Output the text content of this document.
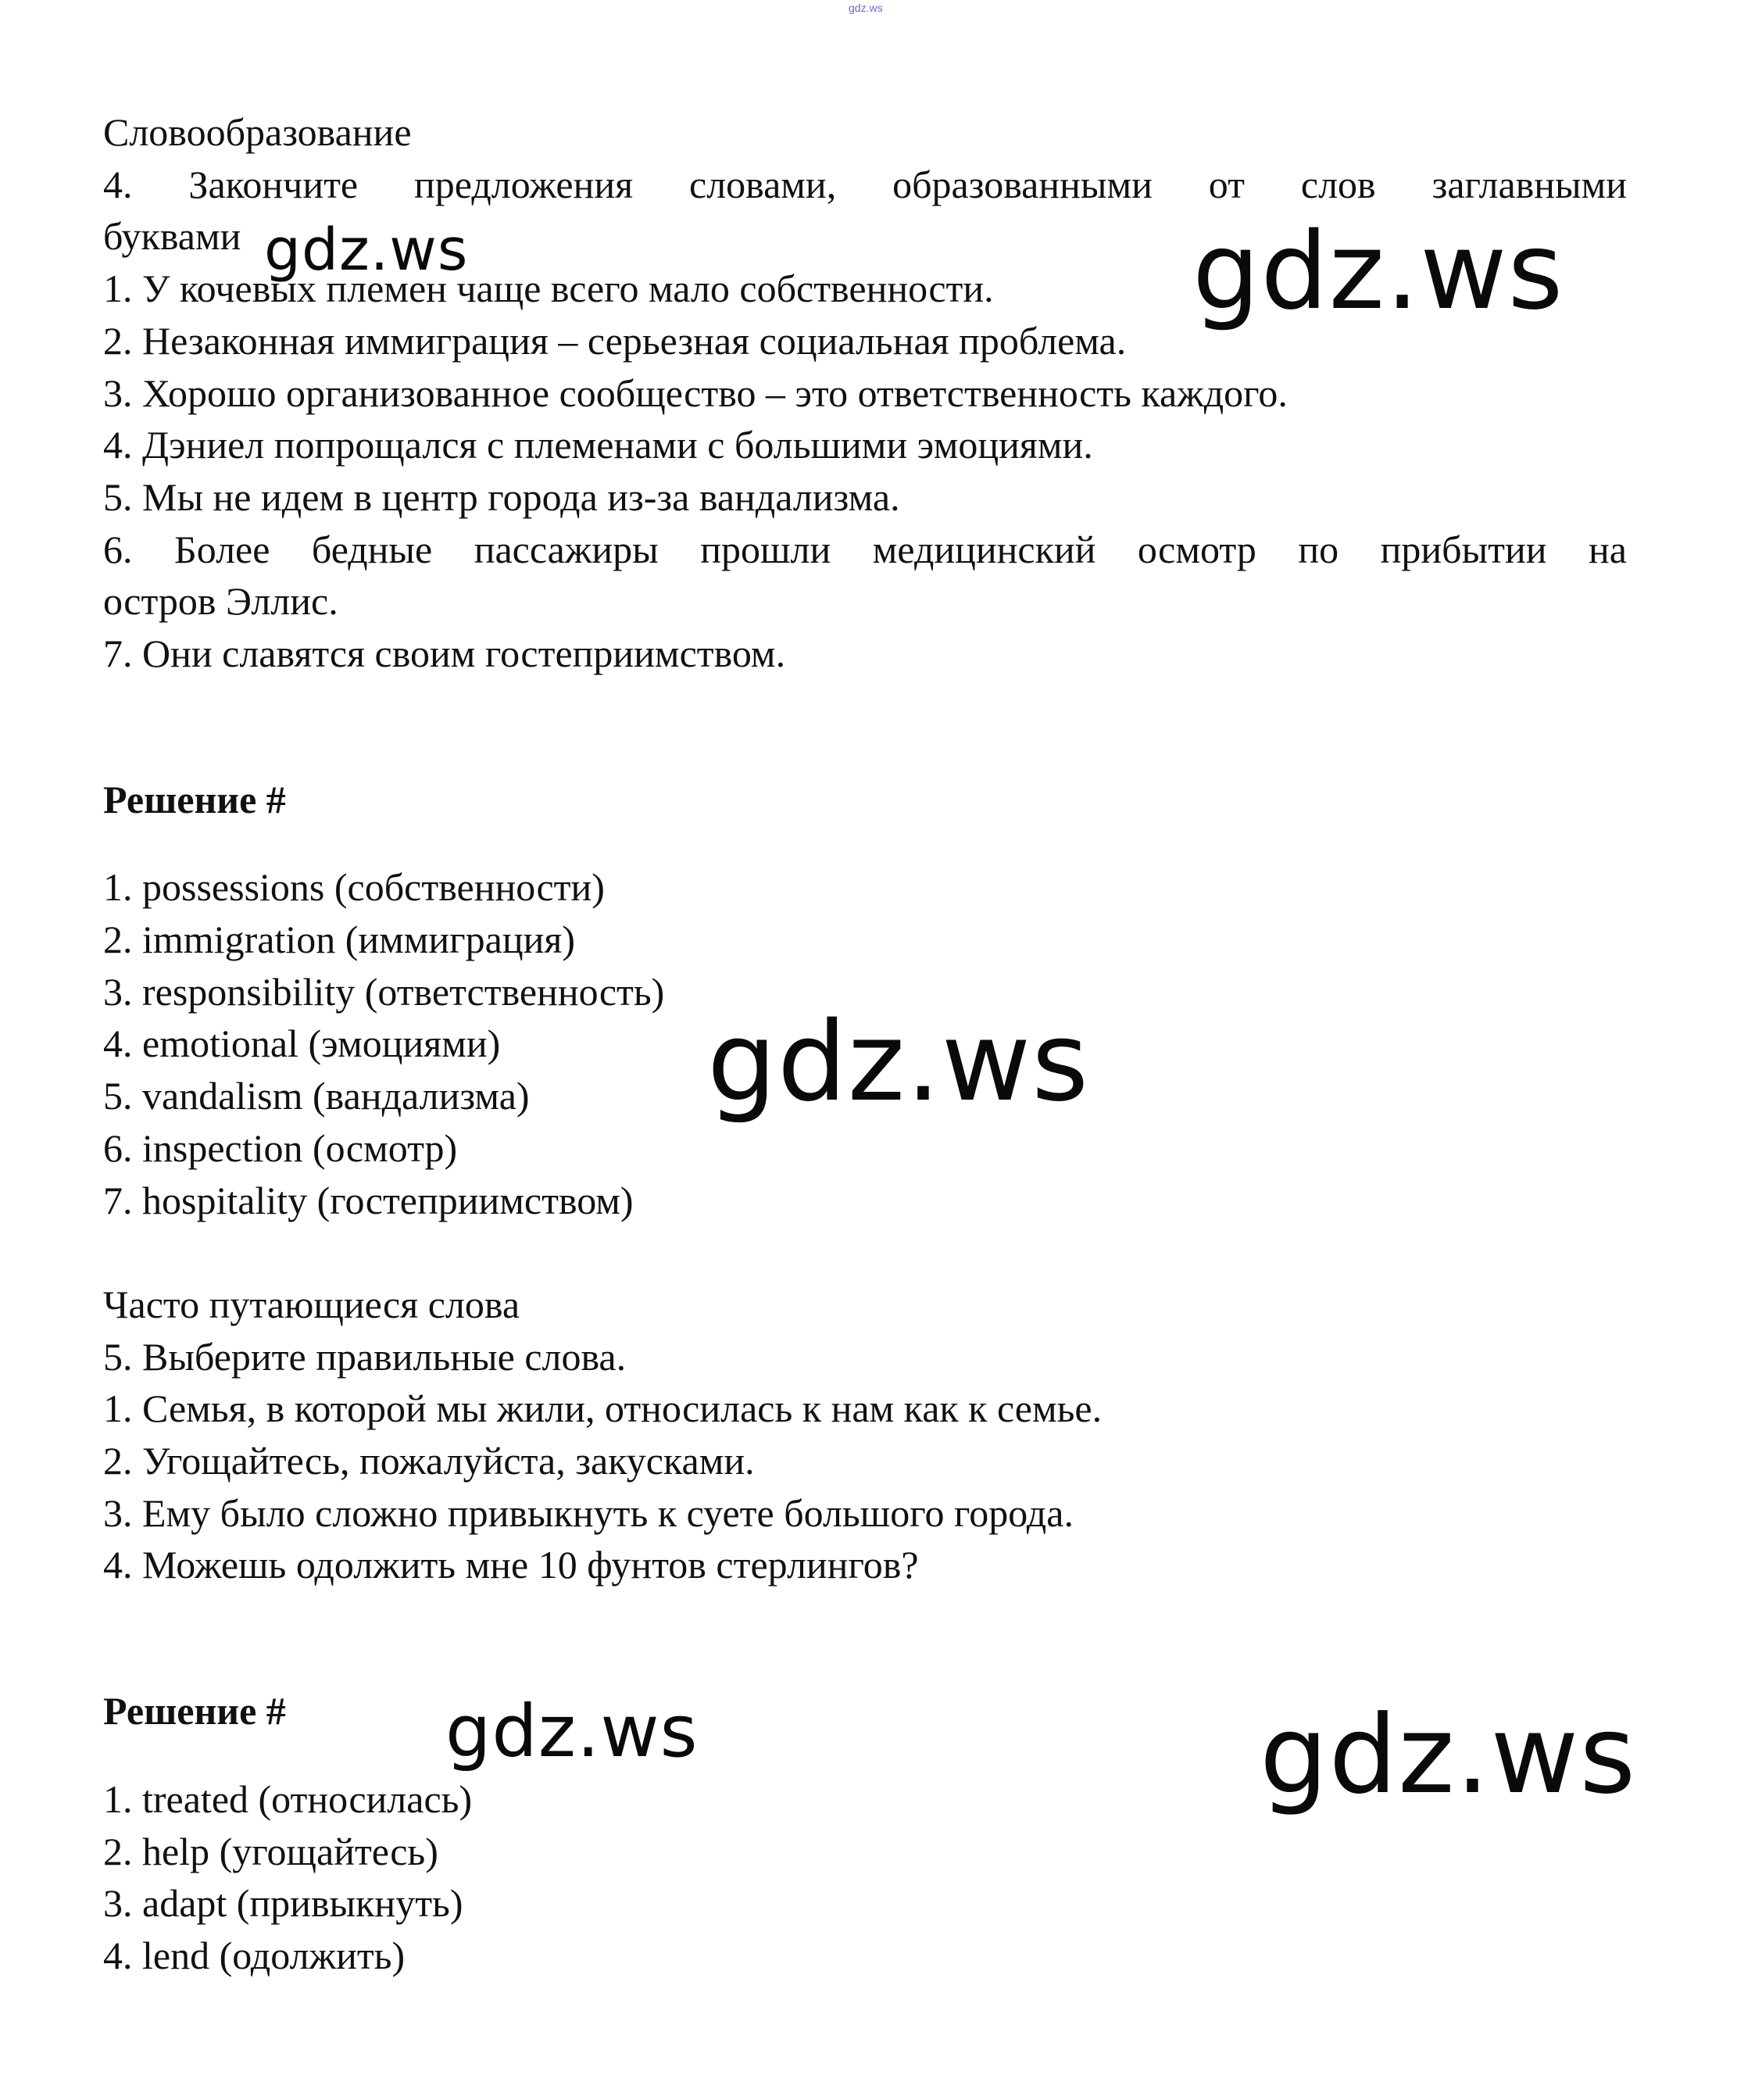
gdz.ws
Словообразование
4. Закончите предложения словами, образованными от слов заглавными
буквами
1. У кочевых племен чаще всего мало собственности.
2. Незаконная иммиграция – серьезная социальная проблема.
3. Хорошо организованное сообщество – это ответственность каждого.
4. Дэниел попрощался с племенами с большими эмоциями.
5. Мы не идем в центр города из-за вандализма.
6. Более бедные пассажиры прошли медицинский осмотр по прибытии на
остров Эллис.
7. Они славятся своим гостеприимством.
Решение #
1. possessions (собственности)
2. immigration (иммиграция)
3. responsibility (ответственность)
4. emotional (эмоциями)
5. vandalism (вандализма)
6. inspection (осмотр)
7. hospitality (гостеприимством)
Часто путающиеся слова
5. Выберите правильные слова.
1. Семья, в которой мы жили, относилась к нам как к семье.
2. Угощайтесь, пожалуйста, закусками.
3. Ему было сложно привыкнуть к суете большого города.
4. Можешь одолжить мне 10 фунтов стерлингов?
Решение #
1. treated (относилась)
2. help (угощайтесь)
3. adapt (привыкнуть)
4. lend (одолжить)
gdz.ws	gdz.ws
gdz.ws
gdz.ws	gdz.ws
